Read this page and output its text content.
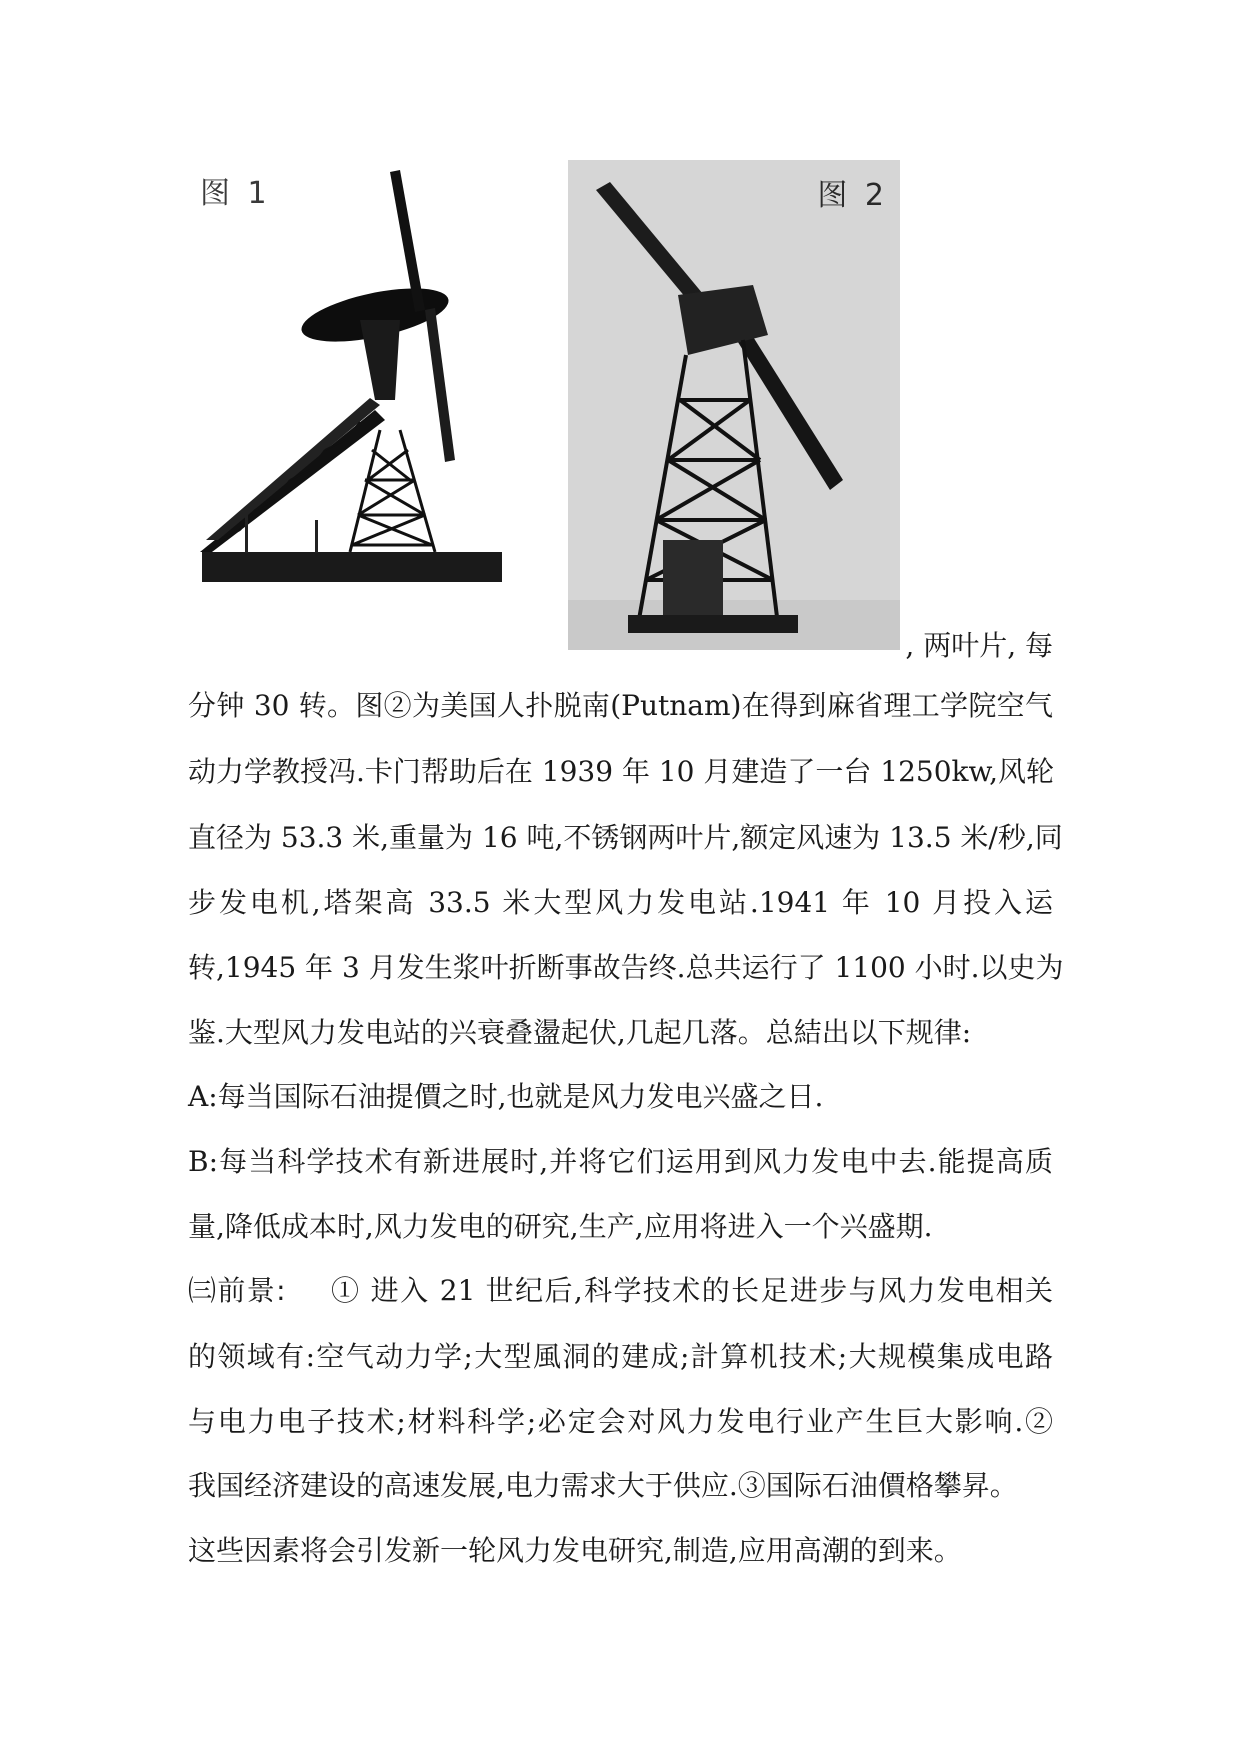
图 1	图 2
, 两叶片, 每
分钟 30 转。图②为美国人扑脱南(Putnam)在得到麻省理工学院空气
动力学教授冯.卡门帮助后在 1939 年 10 月建造了一台 1250kw,风轮
直径为 53.3 米,重量为 16 吨,不锈钢两叶片,额定风速为 13.5 米/秒,同
步发电机,塔架高 33.5 米大型风力发电站.1941 年 10 月投入运
转,1945 年 3 月发生浆叶折断事故告终.总共运行了 1100 小时.以史为
鉴.大型风力发电站的兴衰叠盪起伏,几起几落。总結出以下规律:
A:每当国际石油提價之时,也就是风力发电兴盛之日.
B:每当科学技术有新进展时,并将它们运用到风力发电中去.能提高质
量,降低成本时,风力发电的研究,生产,应用将进入一个兴盛期.
㈢前景: ① 进入 21 世纪后,科学技术的长足进步与风力发电相关
的领域有:空气动力学;大型風洞的建成;計算机技术;大规模集成电路
与电力电子技术;材料科学;必定会对风力发电行业产生巨大影响.②
我国经济建设的高速发展,电力需求大于供应.③国际石油價格攀昇。
这些因素将会引发新一轮风力发电研究,制造,应用高潮的到来。
